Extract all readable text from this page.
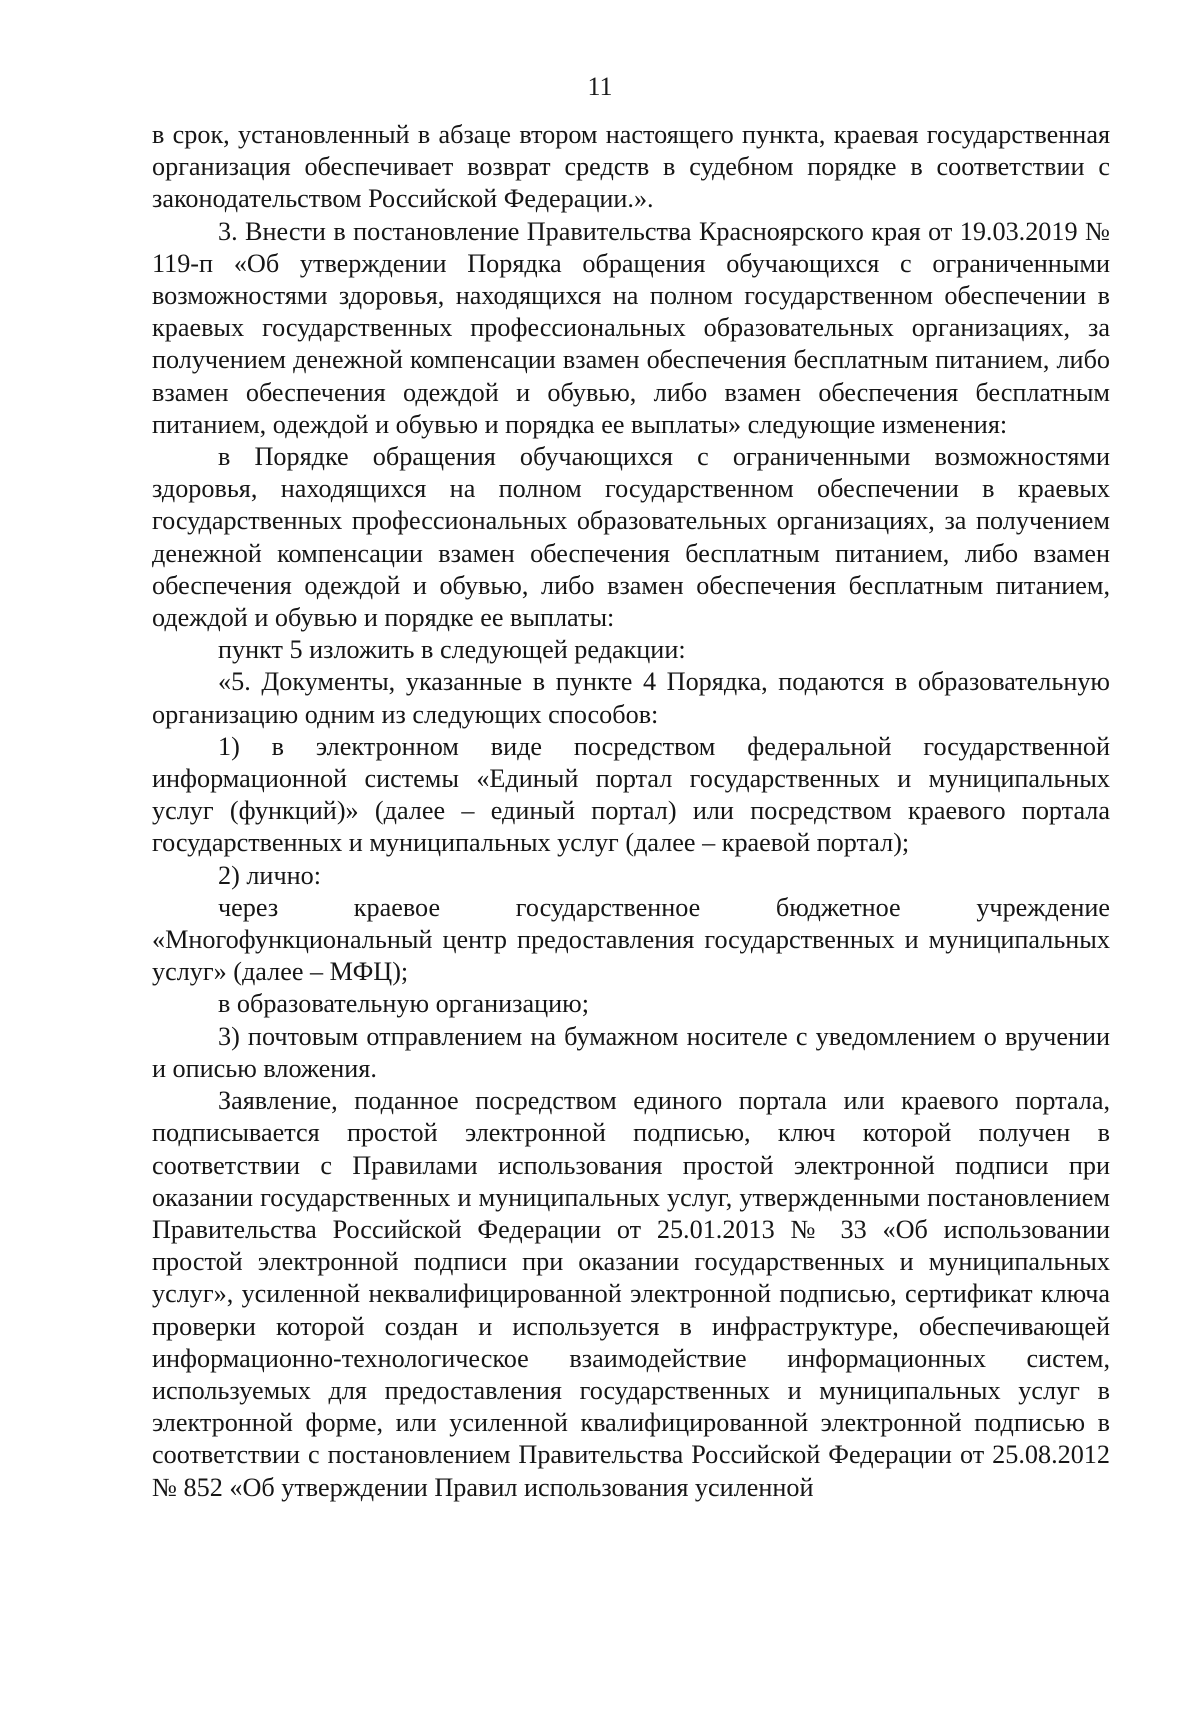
11

в срок, установленный в абзаце втором настоящего пункта, краевая государственная организация обеспечивает возврат средств в судебном порядке в соответствии с законодательством Российской Федерации.».

3. Внести в постановление Правительства Красноярского края от 19.03.2019 № 119-п «Об утверждении Порядка обращения обучающихся с ограниченными возможностями здоровья, находящихся на полном государственном обеспечении в краевых государственных профессиональных образовательных организациях, за получением денежной компенсации взамен обеспечения бесплатным питанием, либо взамен обеспечения одеждой и обувью, либо взамен обеспечения бесплатным питанием, одеждой и обувью и порядка ее выплаты» следующие изменения:

в Порядке обращения обучающихся с ограниченными возможностями здоровья, находящихся на полном государственном обеспечении в краевых государственных профессиональных образовательных организациях, за получением денежной компенсации взамен обеспечения бесплатным питанием, либо взамен обеспечения одеждой и обувью, либо взамен обеспечения бесплатным питанием, одеждой и обувью и порядке ее выплаты:

пункт 5 изложить в следующей редакции:

«5. Документы, указанные в пункте 4 Порядка, подаются в образовательную организацию одним из следующих способов:

1) в электронном виде посредством федеральной государственной информационной системы «Единый портал государственных и муниципальных услуг (функций)» (далее – единый портал) или посредством краевого портала государственных и муниципальных услуг (далее – краевой портал);

2) лично:

через краевое государственное бюджетное учреждение «Многофункциональный центр предоставления государственных и муниципальных услуг» (далее – МФЦ);

в образовательную организацию;

3) почтовым отправлением на бумажном носителе с уведомлением о вручении и описью вложения.

Заявление, поданное посредством единого портала или краевого портала, подписывается простой электронной подписью, ключ которой получен в соответствии с Правилами использования простой электронной подписи при оказании государственных и муниципальных услуг, утвержденными постановлением Правительства Российской Федерации от 25.01.2013 № 33 «Об использовании простой электронной подписи при оказании государственных и муниципальных услуг», усиленной неквалифицированной электронной подписью, сертификат ключа проверки которой создан и используется в инфраструктуре, обеспечивающей информационно-технологическое взаимодействие информационных систем, используемых для предоставления государственных и муниципальных услуг в электронной форме, или усиленной квалифицированной электронной подписью в соответствии с постановлением Правительства Российской Федерации от 25.08.2012 № 852 «Об утверждении Правил использования усиленной
